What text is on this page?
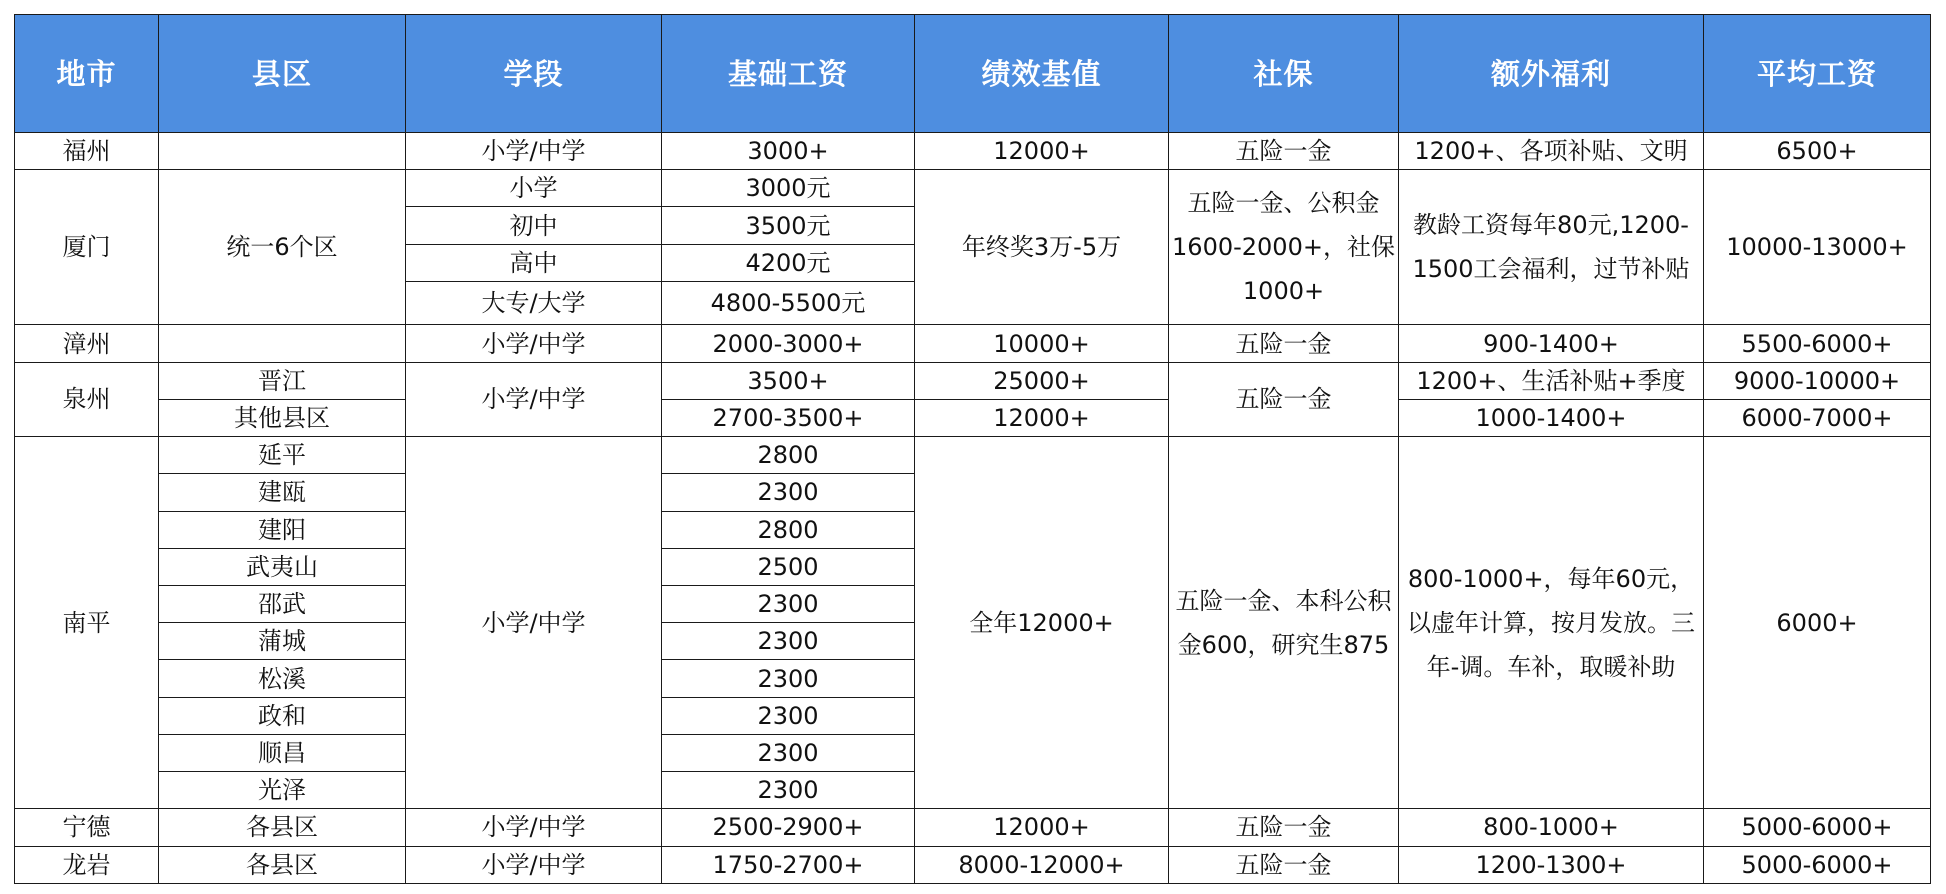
地市	县区	学段	基础工资	绩效基值	社保	额外福利	平均工资
福州		小学/中学	3000+	12000+	五险一金	1200+、各项补贴、文明	6500+
厦门	统一6个区	小学	3000元	年终奖3万-5万	五险一金、公积金1600-2000+，社保1000+	教龄工资每年80元,1200-1500工会福利，过节补贴	10000-13000+
		初中	3500元				
		高中	4200元				
		大专/大学	4800-5500元				
漳州		小学/中学	2000-3000+	10000+	五险一金	900-1400+	5500-6000+
泉州	晋江	小学/中学	3500+	25000+	五险一金	1200+、生活补贴+季度	9000-10000+
	其他县区		2700-3500+	12000+		1000-1400+	6000-7000+
南平	延平	小学/中学	2800	全年12000+	五险一金、本科公积金600，研究生875	800-1000+，每年60元，以虚年计算，按月发放。三年-调。车补，取暖补助	6000+
	建瓯		2300				
	建阳		2800				
	武夷山		2500				
	邵武		2300				
	蒲城		2300				
	松溪		2300				
	政和		2300				
	顺昌		2300				
	光泽		2300				
宁德	各县区	小学/中学	2500-2900+	12000+	五险一金	800-1000+	5000-6000+
龙岩	各县区	小学/中学	1750-2700+	8000-12000+	五险一金	1200-1300+	5000-6000+
